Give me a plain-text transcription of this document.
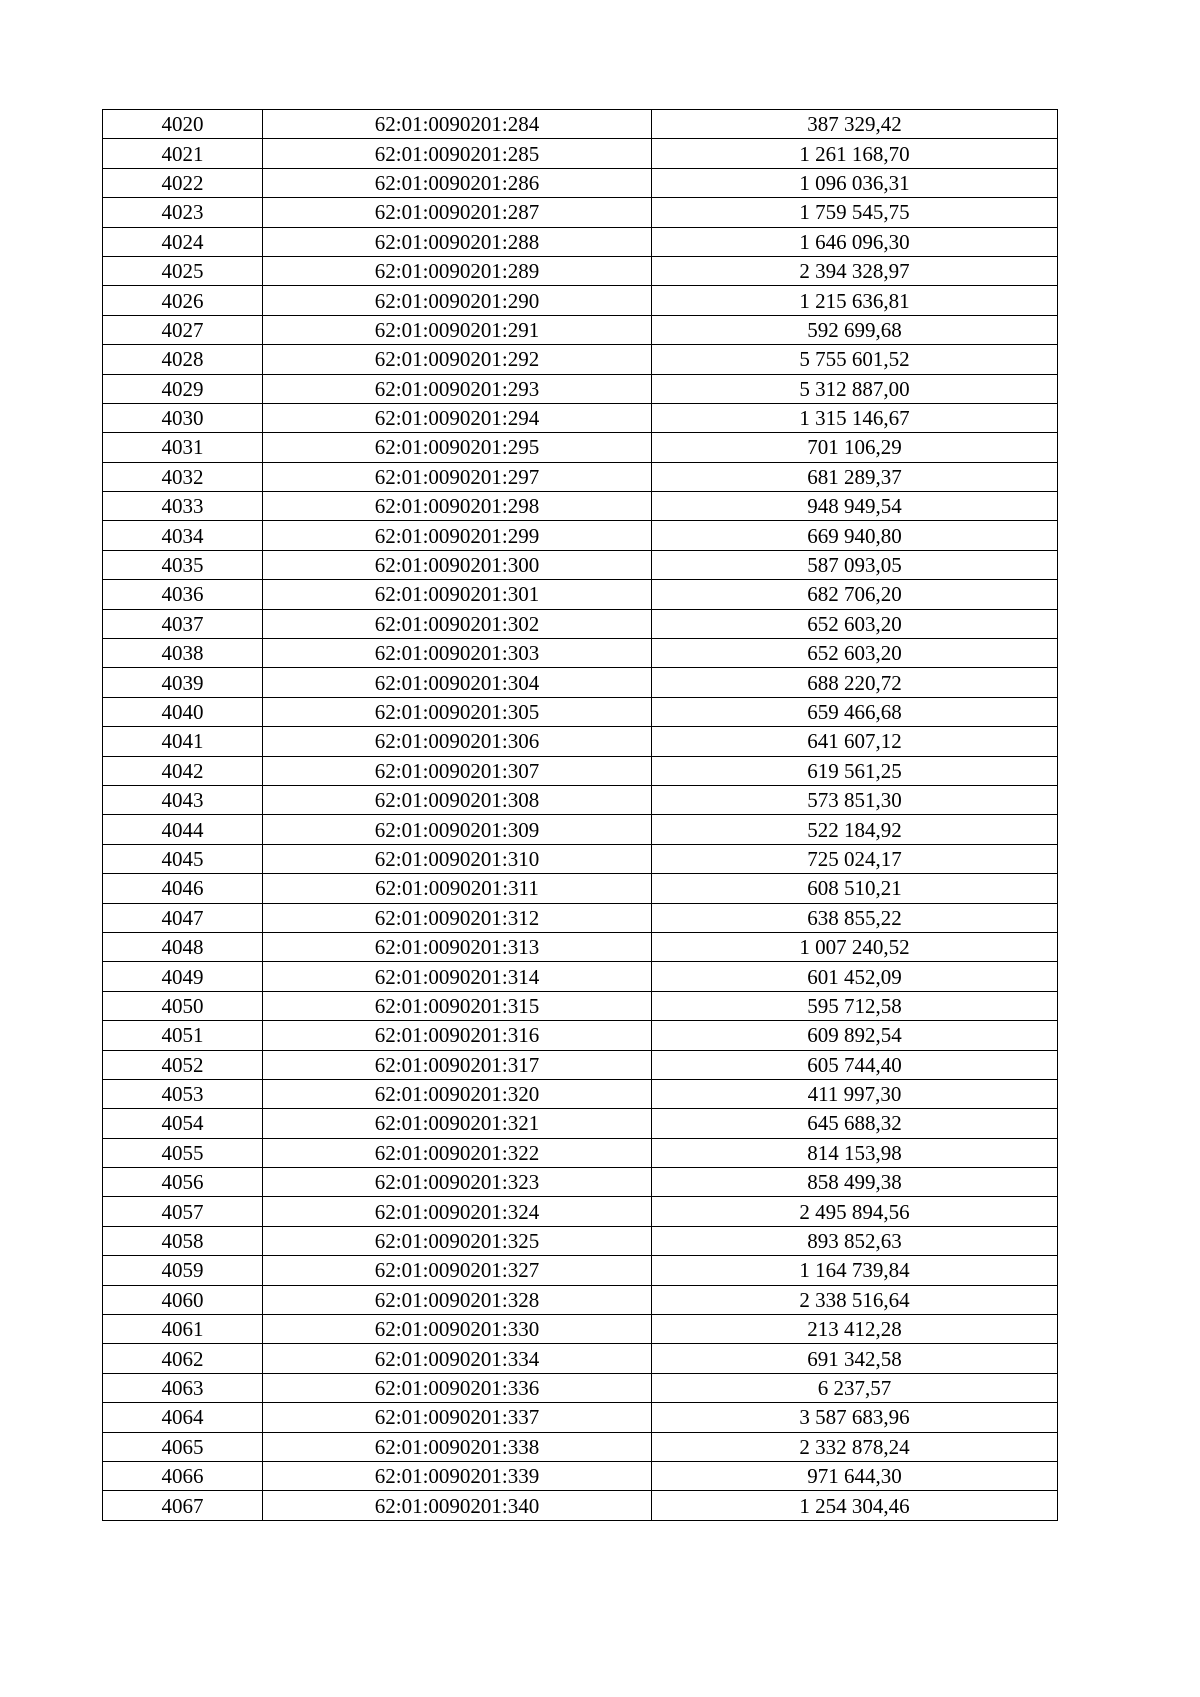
4020	62:01:0090201:284	387 329,42
4021	62:01:0090201:285	1 261 168,70
4022	62:01:0090201:286	1 096 036,31
4023	62:01:0090201:287	1 759 545,75
4024	62:01:0090201:288	1 646 096,30
4025	62:01:0090201:289	2 394 328,97
4026	62:01:0090201:290	1 215 636,81
4027	62:01:0090201:291	592 699,68
4028	62:01:0090201:292	5 755 601,52
4029	62:01:0090201:293	5 312 887,00
4030	62:01:0090201:294	1 315 146,67
4031	62:01:0090201:295	701 106,29
4032	62:01:0090201:297	681 289,37
4033	62:01:0090201:298	948 949,54
4034	62:01:0090201:299	669 940,80
4035	62:01:0090201:300	587 093,05
4036	62:01:0090201:301	682 706,20
4037	62:01:0090201:302	652 603,20
4038	62:01:0090201:303	652 603,20
4039	62:01:0090201:304	688 220,72
4040	62:01:0090201:305	659 466,68
4041	62:01:0090201:306	641 607,12
4042	62:01:0090201:307	619 561,25
4043	62:01:0090201:308	573 851,30
4044	62:01:0090201:309	522 184,92
4045	62:01:0090201:310	725 024,17
4046	62:01:0090201:311	608 510,21
4047	62:01:0090201:312	638 855,22
4048	62:01:0090201:313	1 007 240,52
4049	62:01:0090201:314	601 452,09
4050	62:01:0090201:315	595 712,58
4051	62:01:0090201:316	609 892,54
4052	62:01:0090201:317	605 744,40
4053	62:01:0090201:320	411 997,30
4054	62:01:0090201:321	645 688,32
4055	62:01:0090201:322	814 153,98
4056	62:01:0090201:323	858 499,38
4057	62:01:0090201:324	2 495 894,56
4058	62:01:0090201:325	893 852,63
4059	62:01:0090201:327	1 164 739,84
4060	62:01:0090201:328	2 338 516,64
4061	62:01:0090201:330	213 412,28
4062	62:01:0090201:334	691 342,58
4063	62:01:0090201:336	6 237,57
4064	62:01:0090201:337	3 587 683,96
4065	62:01:0090201:338	2 332 878,24
4066	62:01:0090201:339	971 644,30
4067	62:01:0090201:340	1 254 304,46
